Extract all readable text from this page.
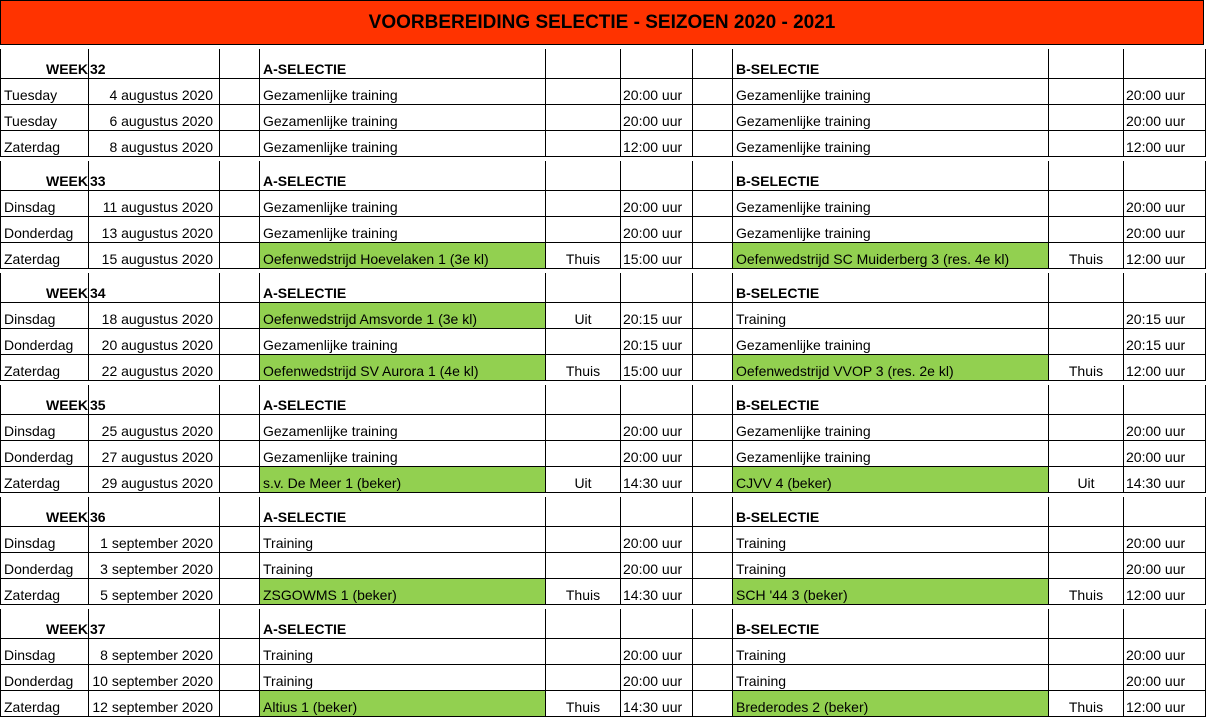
VOORBEREIDING SELECTIE - SEIZOEN 2020 - 2021

WEEK	32		A-SELECTIE				B-SELECTIE		
Tuesday	4 augustus 2020		Gezamenlijke training		20:00 uur		Gezamenlijke training		20:00 uur
Tuesday	6 augustus 2020		Gezamenlijke training		20:00 uur		Gezamenlijke training		20:00 uur
Zaterdag	8 augustus 2020		Gezamenlijke training		12:00 uur		Gezamenlijke training		12:00 uur

WEEK	33		A-SELECTIE				B-SELECTIE		
Dinsdag	11 augustus 2020		Gezamenlijke training		20:00 uur		Gezamenlijke training		20:00 uur
Donderdag	13 augustus 2020		Gezamenlijke training		20:00 uur		Gezamenlijke training		20:00 uur
Zaterdag	15 augustus 2020		Oefenwedstrijd Hoevelaken 1 (3e kl)	Thuis	15:00 uur		Oefenwedstrijd SC Muiderberg 3 (res. 4e kl)	Thuis	12:00 uur

WEEK	34		A-SELECTIE				B-SELECTIE		
Dinsdag	18 augustus 2020		Oefenwedstrijd Amsvorde 1 (3e kl)	Uit	20:15 uur		Training		20:15 uur
Donderdag	20 augustus 2020		Gezamenlijke training		20:15 uur		Gezamenlijke training		20:15 uur
Zaterdag	22 augustus 2020		Oefenwedstrijd SV Aurora 1 (4e kl)	Thuis	15:00 uur		Oefenwedstrijd VVOP 3 (res. 2e kl)	Thuis	12:00 uur

WEEK	35		A-SELECTIE				B-SELECTIE		
Dinsdag	25 augustus 2020		Gezamenlijke training		20:00 uur		Gezamenlijke training		20:00 uur
Donderdag	27 augustus 2020		Gezamenlijke training		20:00 uur		Gezamenlijke training		20:00 uur
Zaterdag	29 augustus 2020		s.v. De Meer 1 (beker)	Uit	14:30 uur		CJVV 4 (beker)	Uit	14:30 uur

WEEK	36		A-SELECTIE				B-SELECTIE		
Dinsdag	1 september 2020		Training		20:00 uur		Training		20:00 uur
Donderdag	3 september 2020		Training		20:00 uur		Training		20:00 uur
Zaterdag	5 september 2020		ZSGOWMS 1 (beker)	Thuis	14:30 uur		SCH '44 3 (beker)	Thuis	12:00 uur

WEEK	37		A-SELECTIE				B-SELECTIE		
Dinsdag	8 september 2020		Training		20:00 uur		Training		20:00 uur
Donderdag	10 september 2020		Training		20:00 uur		Training		20:00 uur
Zaterdag	12 september 2020		Altius 1 (beker)	Thuis	14:30 uur		Brederodes 2 (beker)	Thuis	12:00 uur
